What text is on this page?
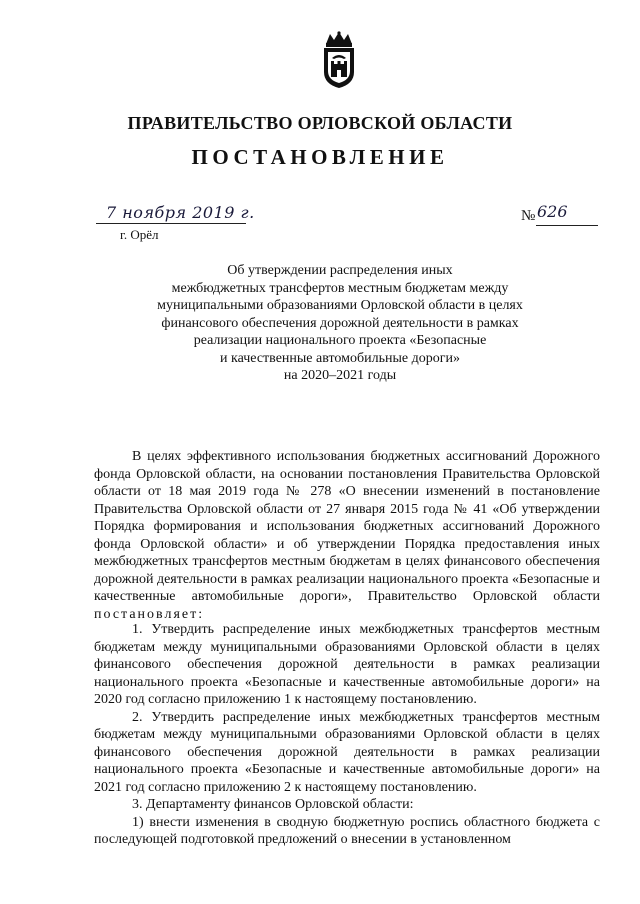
ПРАВИТЕЛЬСТВО ОРЛОВСКОЙ ОБЛАСТИ
ПОСТАНОВЛЕНИЕ
7 ноября 2019 г.
г. Орёл
№ 626
Об утверждении распределения иных
межбюджетных трансфертов местным бюджетам между
муниципальными образованиями Орловской области в целях
финансового обеспечения дорожной деятельности в рамках
реализации национального проекта «Безопасные
и качественные автомобильные дороги»
на 2020–2021 годы
В целях эффективного использования бюджетных ассигнований Дорожного фонда Орловской области, на основании постановления Правительства Орловской области от 18 мая 2019 года № 278 «О внесении изменений в постановление Правительства Орловской области от 27 января 2015 года № 41 «Об утверждении Порядка формирования и использования бюджетных ассигнований Дорожного фонда Орловской области» и об утверждении Порядка предоставления иных межбюджетных трансфертов местным бюджетам в целях финансового обеспечения дорожной деятельности в рамках реализации национального проекта «Безопасные и качественные автомобильные дороги», Правительство Орловской области постановляет:

1. Утвердить распределение иных межбюджетных трансфертов местным бюджетам между муниципальными образованиями Орловской области в целях финансового обеспечения дорожной деятельности в рамках реализации национального проекта «Безопасные и качественные автомобильные дороги» на 2020 год согласно приложению 1 к настоящему постановлению.

2. Утвердить распределение иных межбюджетных трансфертов местным бюджетам между муниципальными образованиями Орловской области в целях финансового обеспечения дорожной деятельности в рамках реализации национального проекта «Безопасные и качественные автомобильные дороги» на 2021 год согласно приложению 2 к настоящему постановлению.

3. Департаменту финансов Орловской области:

1) внести изменения в сводную бюджетную роспись областного бюджета с последующей подготовкой предложений о внесении в установленном
